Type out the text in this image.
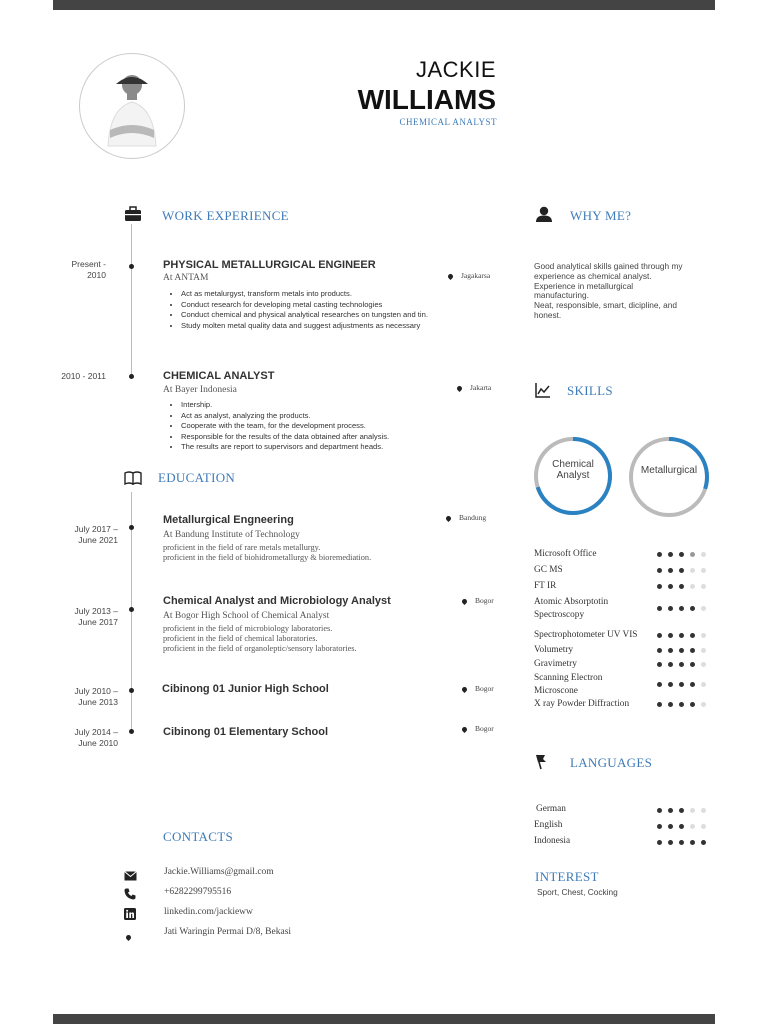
JACKIE
WILLIAMS
CHEMICAL ANALYST
WORK EXPERIENCE
Present -
2010
PHYSICAL METALLURGICAL ENGINEER
At ANTAM	Jagakarsa
• Act as metalurgyst, transform metals into products.
• Conduct research for developing metal casting technologies
• Conduct chemical and physical analytical researches on tungsten and tin.
• Study molten metal quality data and suggest adjustments as necessary
2010 - 2011	CHEMICAL ANALYST
At Bayer Indonesia	Jakarta
• Intership.
• Act as analyst, analyzing the products.
• Cooperate with the team, for the development process.
• Responsible for the results of the data obtained after analysis.
• The results are report to supervisors and department heads.
EDUCATION
July 2017 –
June 2021
Metallurgical Engneering
At Bandung Institute of Technology
Bandung
proficient in the field of rare metals metallurgy.
proficient in the field of biohidrometallurgy & bioremediation.
July 2013 –
June 2017
Chemical Analyst and Microbiology Analyst
At Bogor High School of Chemical Analyst
Bogor
proficient in the field of microbiology laboratories.
proficient in the field of chemical laboratories.
proficient in the field of organoleptic/sensory laboratories.
July 2010 –
June 2013
Cibinong 01 Junior High School	Bogor
July 2014 –
June 2010
Cibinong 01 Elementary School	Bogor
CONTACTS
Jackie.Williams@gmail.com
+6282299795516
linkedin.com/jackieww
Jati Waringin Permai D/8, Bekasi
WHY ME?
Good analytical skills gained through my
experience as chemical analyst.
Experience in metallurgical
manufacturing.
Neat, responsible, smart, dicipline, and
honest.
SKILLS
Chemical
Analyst	Metallurgical
Microsoft Office
GC MS
FT IR
Atomic Absorptotin
Spectroscopy
Spectrophotometer UV VIS
Volumetry
Gravimetry
Scanning Electron
Microscone
X ray Powder Diffraction
LANGUAGES
German
English
Indonesia
INTEREST
Sport, Chest, Cocking
